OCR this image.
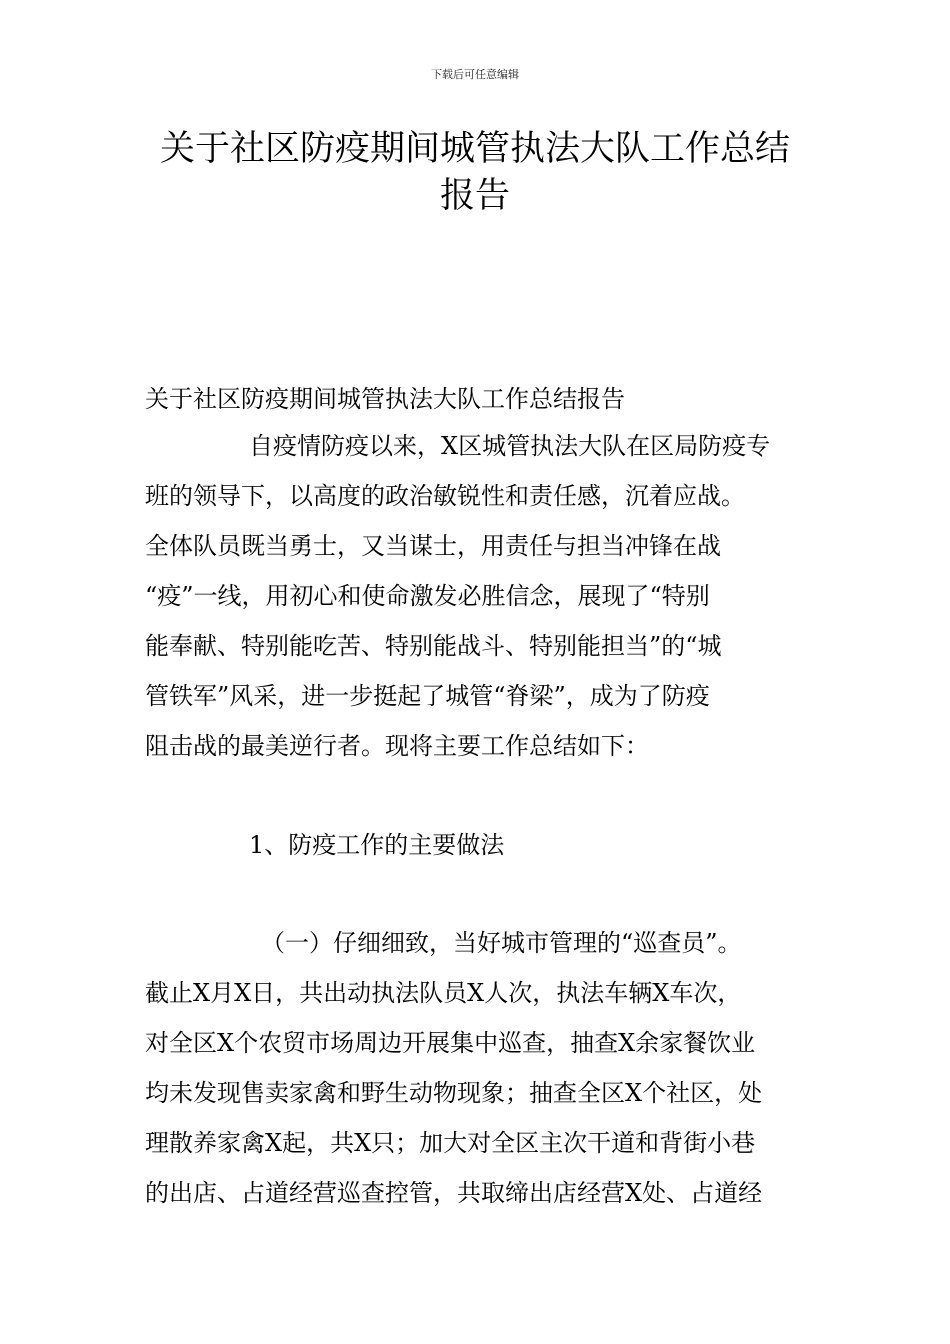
下载后可任意编辑
关于社区防疫期间城管执法大队工作总结
报告
关于社区防疫期间城管执法大队工作总结报告
自疫情防疫以来，X区城管执法大队在区局防疫专
班的领导下，以高度的政治敏锐性和责任感，沉着应战。
全体队员既当勇士，又当谋士，用责任与担当冲锋在战
“疫”一线，用初心和使命激发必胜信念，展现了“特别
能奉献、特别能吃苦、特别能战斗、特别能担当”的“城
管铁军”风采，进一步挺起了城管“脊梁”，成为了防疫
阻击战的最美逆行者。现将主要工作总结如下：
1、防疫工作的主要做法
（一）仔细细致，当好城市管理的“巡查员”。
截止X月X日，共出动执法队员X人次，执法车辆X车次，
对全区X个农贸市场周边开展集中巡查，抽查X余家餐饮业
均未发现售卖家禽和野生动物现象；抽查全区X个社区，处
理散养家禽X起，共X只；加大对全区主次干道和背街小巷
的出店、占道经营巡查控管，共取缔出店经营X处、占道经
